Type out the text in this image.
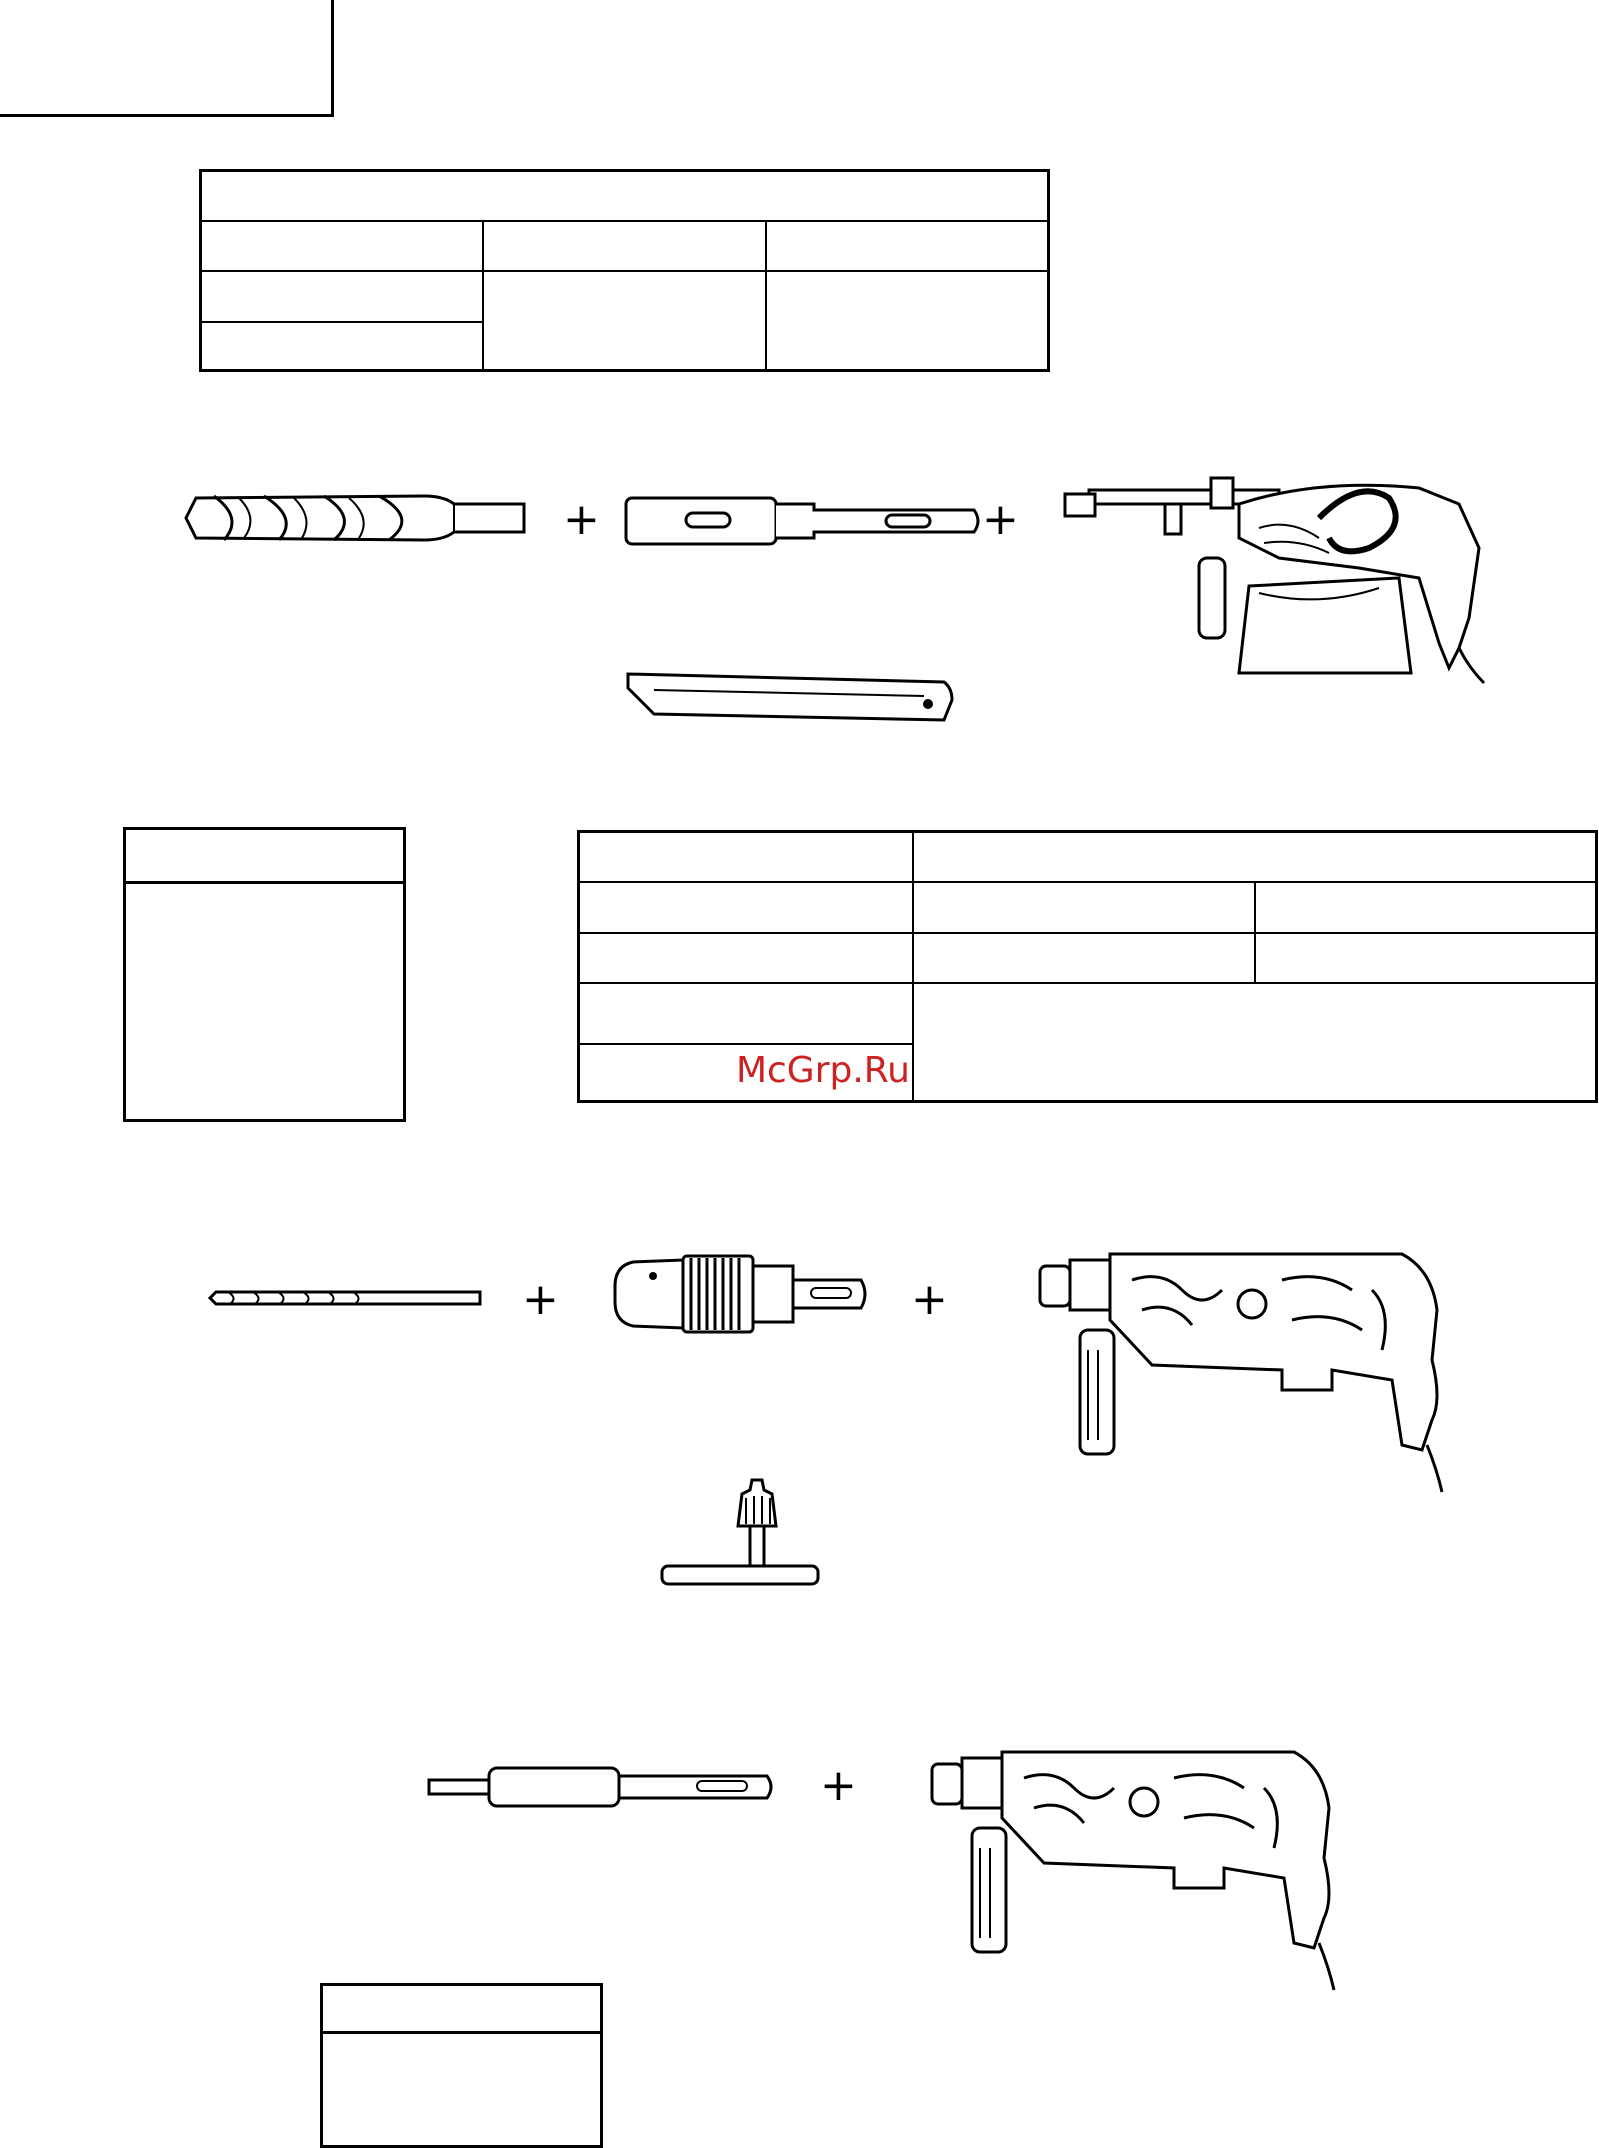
+	+

McGrp.Ru
+	+
+
